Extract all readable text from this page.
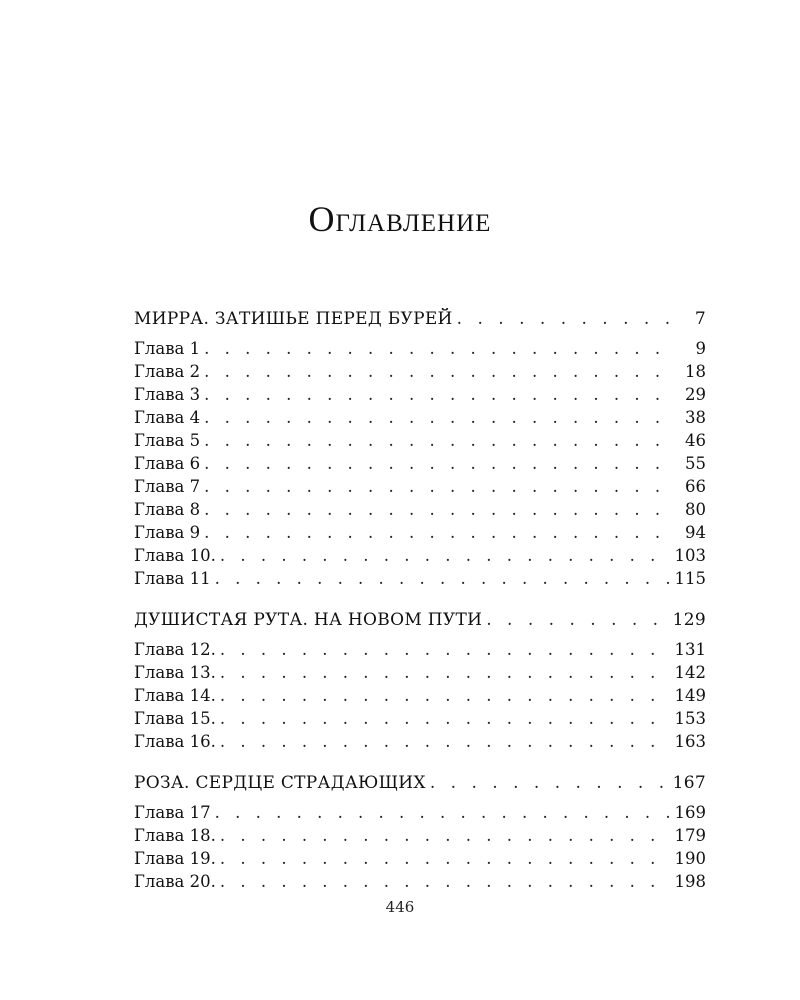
Оглавление
МИРРА. ЗАТИШЬЕ ПЕРЕД БУРЕЙ . . .	7
Глава 1 . . .	9
Глава 2 . . .	18
Глава 3 . . .	29
Глава 4 . . .	38
Глава 5 . . .	46
Глава 6 . . .	55
Глава 7 . . .	66
Глава 8 . . .	80
Глава 9 . . .	94
Глава 10. . . .	103
Глава 11 . . .	115
ДУШИСТАЯ РУТА. НА НОВОМ ПУТИ . . .	129
Глава 12. . . .	131
Глава 13. . . .	142
Глава 14. . . .	149
Глава 15. . . .	153
Глава 16. . . .	163
РОЗА. СЕРДЦЕ СТРАДАЮЩИХ . . .	167
Глава 17 . . .	169
Глава 18. . . .	179
Глава 19. . . .	190
Глава 20. . . .	198
446
